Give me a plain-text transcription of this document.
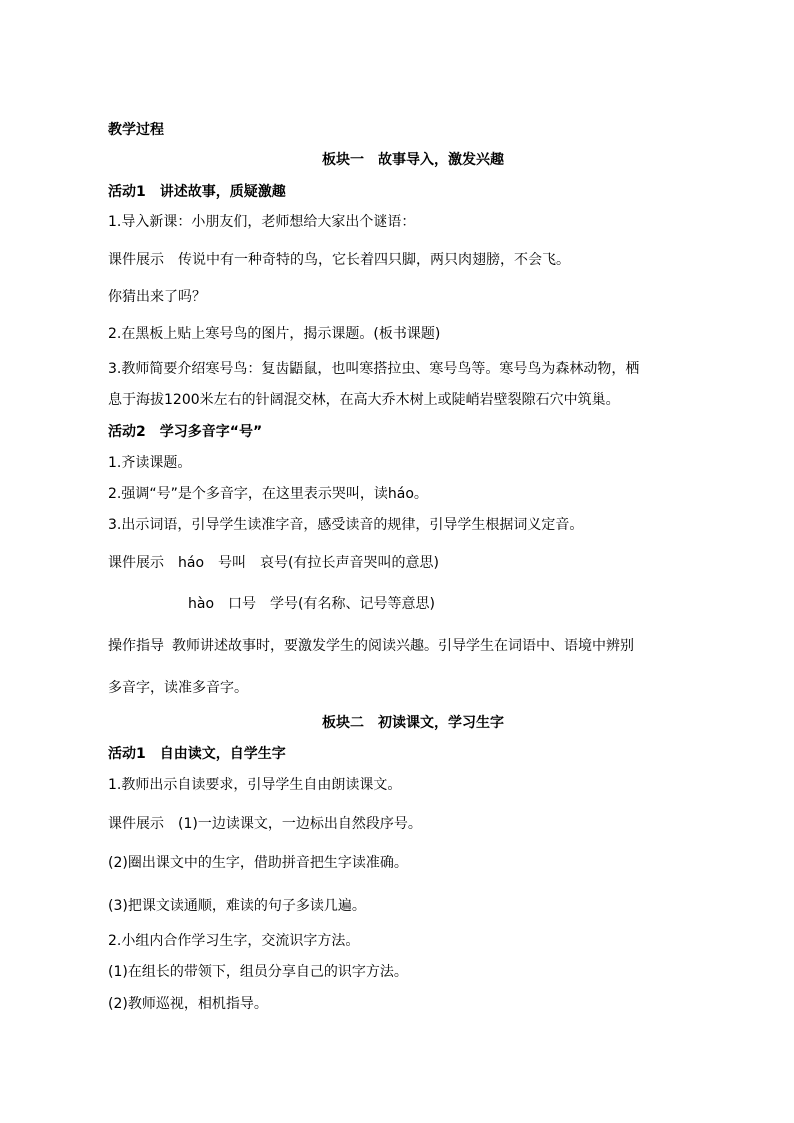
教学过程
板块一 故事导入，激发兴趣
活动1 讲述故事，质疑激趣
1.导入新课：小朋友们，老师想给大家出个谜语：
课件展示 传说中有一种奇特的鸟，它长着四只脚，两只肉翅膀，不会飞。
你猜出来了吗？
2.在黑板上贴上寒号鸟的图片，揭示课题。(板书课题)
3.教师简要介绍寒号鸟：复齿鼯鼠，也叫寒搭拉虫、寒号鸟等。寒号鸟为森林动物，栖
息于海拔1200米左右的针阔混交林，在高大乔木树上或陡峭岩壁裂隙石穴中筑巢。
活动2 学习多音字“号”
1.齐读课题。
2.强调“号”是个多音字，在这里表示哭叫，读háo。
3.出示词语，引导学生读准字音，感受读音的规律，引导学生根据词义定音。
课件展示 háo 号叫 哀号(有拉长声音哭叫的意思)
hào 口号 学号(有名称、记号等意思)
操作指导 教师讲述故事时，要激发学生的阅读兴趣。引导学生在词语中、语境中辨别
多音字，读准多音字。
板块二 初读课文，学习生字
活动1 自由读文，自学生字
1.教师出示自读要求，引导学生自由朗读课文。
课件展示 (1)一边读课文，一边标出自然段序号。
(2)圈出课文中的生字，借助拼音把生字读准确。
(3)把课文读通顺，难读的句子多读几遍。
2.小组内合作学习生字，交流识字方法。
(1)在组长的带领下，组员分享自己的识字方法。
(2)教师巡视，相机指导。
